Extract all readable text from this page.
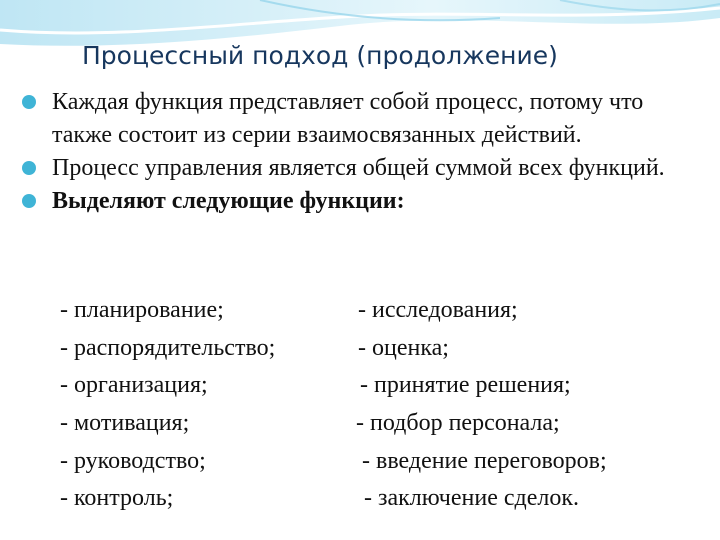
Процессный подход (продолжение)
Каждая функция представляет собой процесс, потому что также состоит из серии взаимосвязанных действий.
Процесс управления является общей суммой всех функций.
Выделяют следующие функции:
- планирование;
- распорядительство;
- организация;
- мотивация;
- руководство;
- контроль;
- исследования;
- оценка;
- принятие решения;
- подбор персонала;
- введение переговоров;
- заключение сделок.
